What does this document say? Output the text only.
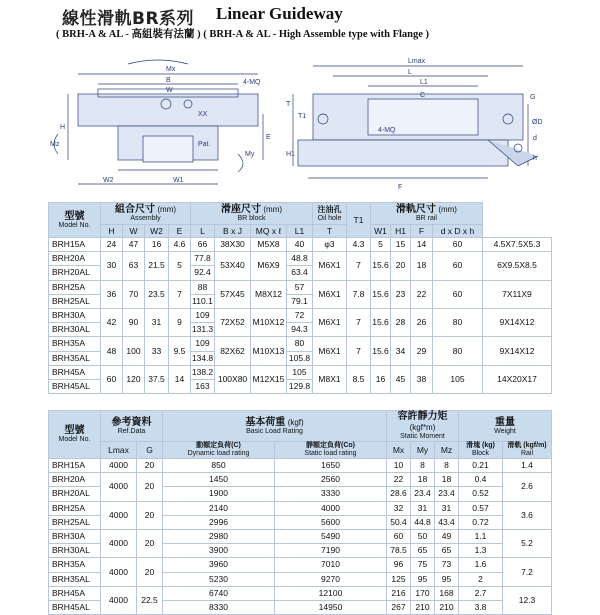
線性滑軌BR系列 Linear Guideway
( BRH-A & AL - 高組裝有法蘭 ) ( BRH-A & AL - High Assemble type with Flange )
Mx
B
W
4-MQ
XX
Pat.
Mz
My
H
E
W2	W1
Lmax
L
L1
C
T
T1
G
ØD
H1
F
d
h
4-MQ
型號
Model No.	組合尺寸 (mm)
Assembly				滑座尺寸 (mm)
BR block				注油孔
Oil hole	T1	滑軌尺寸 (mm)
BR rail				

	H	W	W2	E	L	B x J	MQ x ℓ	L1	T		W1	H1	F	d x D x h	
BRH15A	24	47	16	4.6	66	38X30	M5X8	40	φ3	4.3	5	15	14	60	4.5X7.5X5.3
BRH20A	30	63	21.5	5	77.8	53X40	M6X9	48.8	M6X1	7	15.6	20	18	60	6X9.5X8.5
BRH20AL					92.4			63.4							
BRH25A	36	70	23.5	7	88	57X45	M8X12	57	M6X1	7.8	15.6	23	22	60	7X11X9
BRH25AL					110.1			79.1							
BRH30A	42	90	31	9	109	72X52	M10X12	72	M6X1	7	15.6	28	26	80	9X14X12
BRH30AL					131.3			94.3							
BRH35A	48	100	33	9.5	109	82X62	M10X13	80	M6X1	7	15.6	34	29	80	9X14X12
BRH35AL					134.8			105.8							
BRH45A	60	120	37.5	14	138.2	100X80	M12X15	105	M8X1	8.5	16	45	38	105	14X20X17
BRH45AL					163			129.8							
型號
Model No.	參考資料
Ref.Data		基本荷重 (kgf)
Basic Load Rating		容許靜力矩 (kgf*m)
Static Moment			重量
Weight	

	Lmax	G	動額定負荷(C)
Dynamic load rating	靜額定負荷(Co)
Static load rating	Mx	My	Mz	滑塊 (kg)
Block	滑軌 (kgf/m)
Rail

BRH15A	4000	20	850	1650	10	8	8	0.21	1.4
BRH20A	4000	20	1450	2560	22	18	18	0.4	2.6
BRH20AL			1900	3330	28.6	23.4	23.4	0.52	
BRH25A	4000	20	2140	4000	32	31	31	0.57	3.6
BRH25AL			2996	5600	50.4	44.8	43.4	0.72	
BRH30A	4000	20	2980	5490	60	50	49	1.1	5.2
BRH30AL			3900	7190	78.5	65	65	1.3	
BRH35A	4000	20	3960	7010	96	75	73	1.6	7.2
BRH35AL			5230	9270	125	95	95	2	
BRH45A	4000	22.5	6740	12100	216	170	168	2.7	12.3
BRH45AL			8330	14950	267	210	210	3.8	
